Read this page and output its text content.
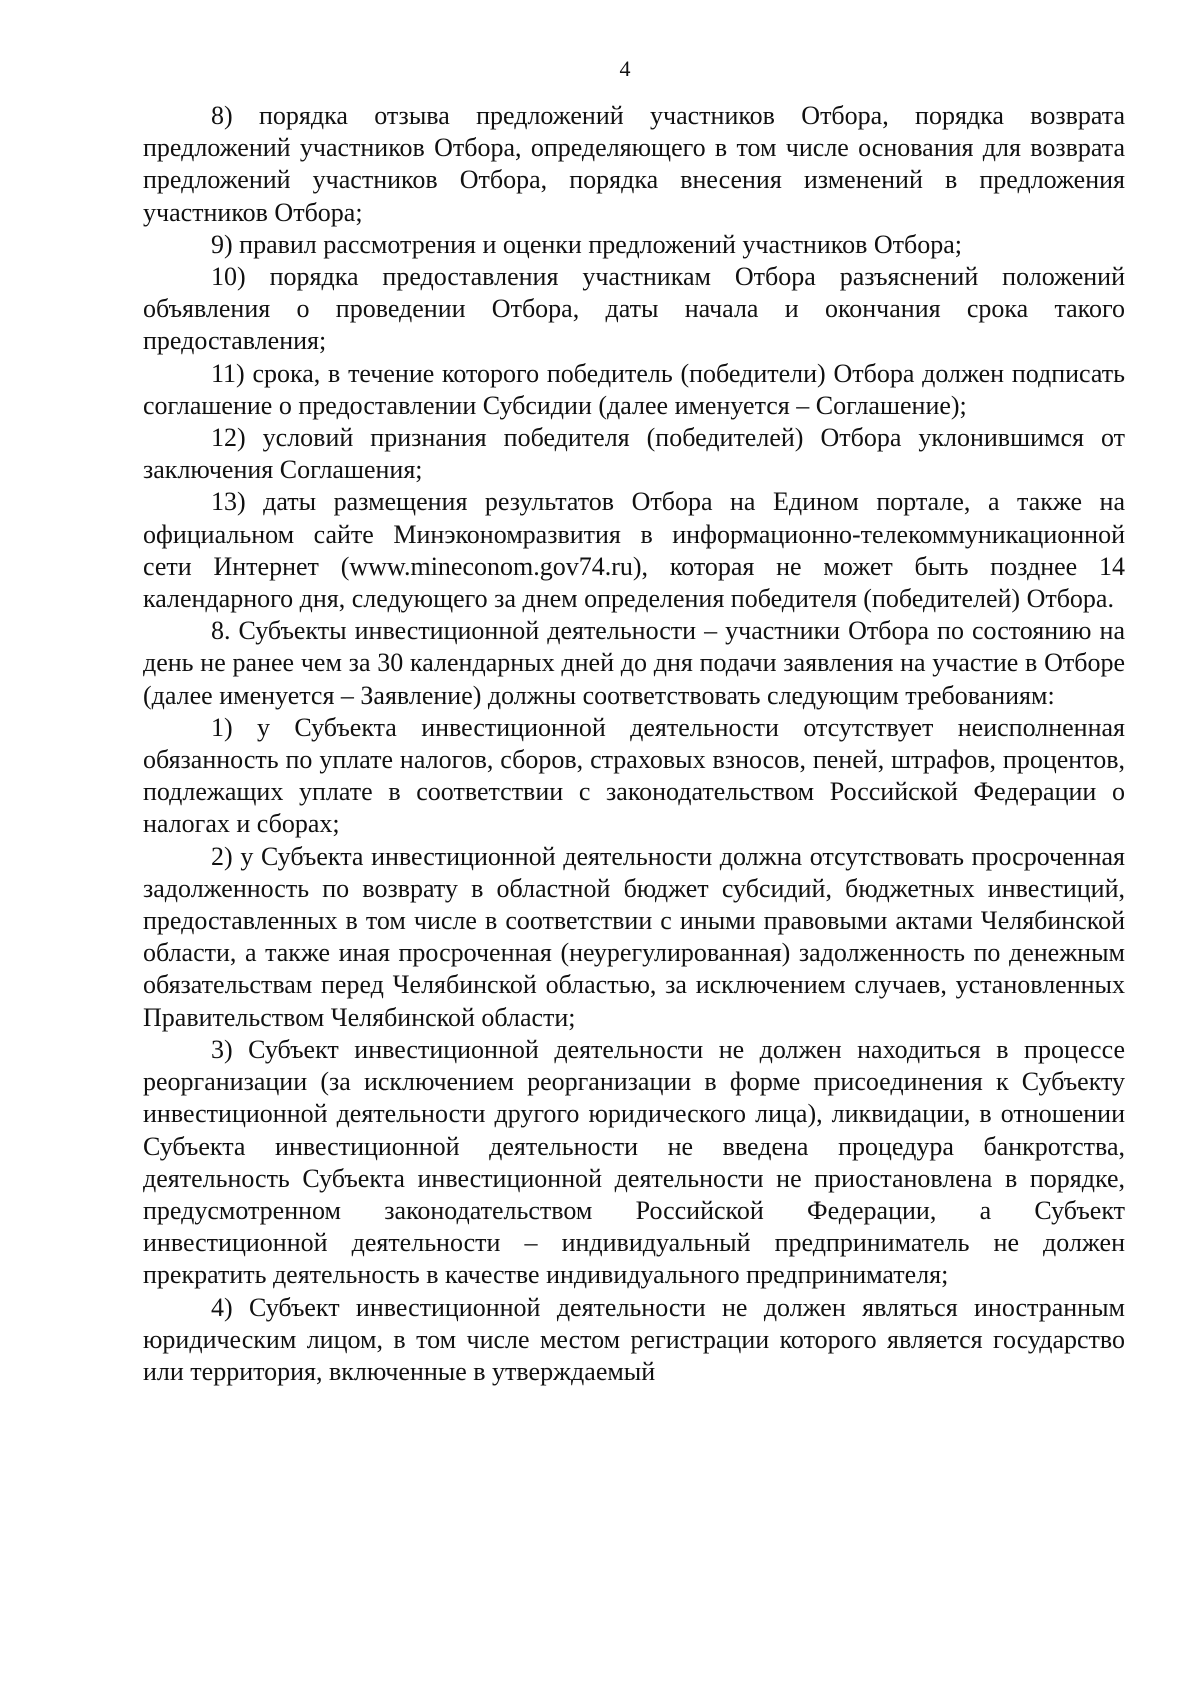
4

8) порядка отзыва предложений участников Отбора, порядка возврата предложений участников Отбора, определяющего в том числе основания для возврата предложений участников Отбора, порядка внесения изменений в предложения участников Отбора;

9) правил рассмотрения и оценки предложений участников Отбора;

10) порядка предоставления участникам Отбора разъяснений положений объявления о проведении Отбора, даты начала и окончания срока такого предоставления;

11) срока, в течение которого победитель (победители) Отбора должен подписать соглашение о предоставлении Субсидии (далее именуется – Соглашение);

12) условий признания победителя (победителей) Отбора уклонившимся от заключения Соглашения;

13) даты размещения результатов Отбора на Едином портале, а также на официальном сайте Минэкономразвития в информационно-телекоммуникационной сети Интернет (www.mineconom.gov74.ru), которая не может быть позднее 14 календарного дня, следующего за днем определения победителя (победителей) Отбора.

8. Субъекты инвестиционной деятельности – участники Отбора по состоянию на день не ранее чем за 30 календарных дней до дня подачи заявления на участие в Отборе (далее именуется – Заявление) должны соответствовать следующим требованиям:

1) у Субъекта инвестиционной деятельности отсутствует неисполненная обязанность по уплате налогов, сборов, страховых взносов, пеней, штрафов, процентов, подлежащих уплате в соответствии с законодательством Российской Федерации о налогах и сборах;

2) у Субъекта инвестиционной деятельности должна отсутствовать просроченная задолженность по возврату в областной бюджет субсидий, бюджетных инвестиций, предоставленных в том числе в соответствии с иными правовыми актами Челябинской области, а также иная просроченная (неурегулированная) задолженность по денежным обязательствам перед Челябинской областью, за исключением случаев, установленных Правительством Челябинской области;

3) Субъект инвестиционной деятельности не должен находиться в процессе реорганизации (за исключением реорганизации в форме присоединения к Субъекту инвестиционной деятельности другого юридического лица), ликвидации, в отношении Субъекта инвестиционной деятельности не введена процедура банкротства, деятельность Субъекта инвестиционной деятельности не приостановлена в порядке, предусмотренном законодательством Российской Федерации, а Субъект инвестиционной деятельности – индивидуальный предприниматель не должен прекратить деятельность в качестве индивидуального предпринимателя;

4) Субъект инвестиционной деятельности не должен являться иностранным юридическим лицом, в том числе местом регистрации которого является государство или территория, включенные в утверждаемый
